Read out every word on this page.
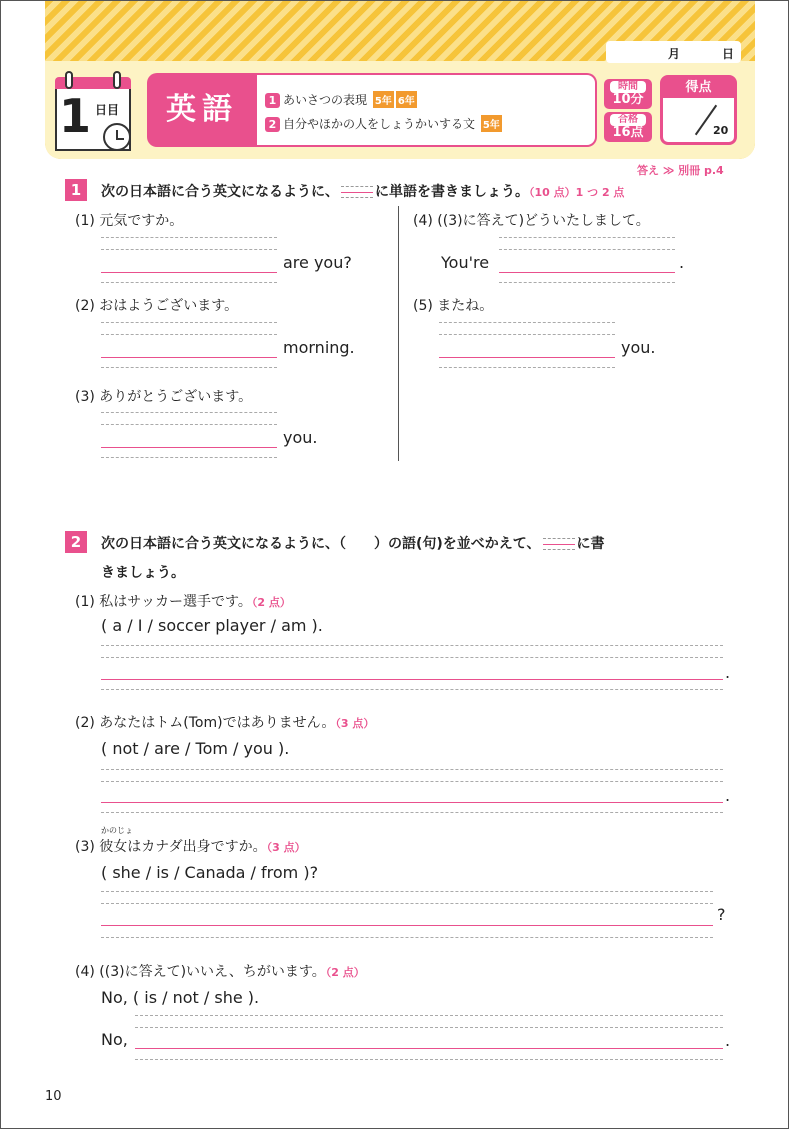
月	日
1 日目	英語	1 あいさつの表現 5年 6年
2 自分やほかの人をしょうかいする文 5年
時間
10分
合格
16点
得点
20
答え ≫ 別冊 p.4
1	次の日本語に合う英文になるように、	に単語を書きましょう。（10 点）1 つ 2 点
(1) 元気ですか。
are you?
(2) おはようございます。
morning.
(3) ありがとうございます。
you.
(4) ((3)に答えて)どういたしまして。
You're	.
(5) またね。
you.
2	次の日本語に合う英文になるように、（ ）の語(句)を並べかえて、	に書
きましょう。
(1) 私はサッカー選手です。（2 点）
( a / I / soccer player / am ).
.
(2) あなたはトム(Tom)ではありません。（3 点）
( not / are / Tom / you ).
.
かのじょ
(3) 彼女はカナダ出身ですか。（3 点）
( she / is / Canada / from )?
?
(4) ((3)に答えて)いいえ、ちがいます。（2 点）
No, ( is / not / she ).
No,	.
10
